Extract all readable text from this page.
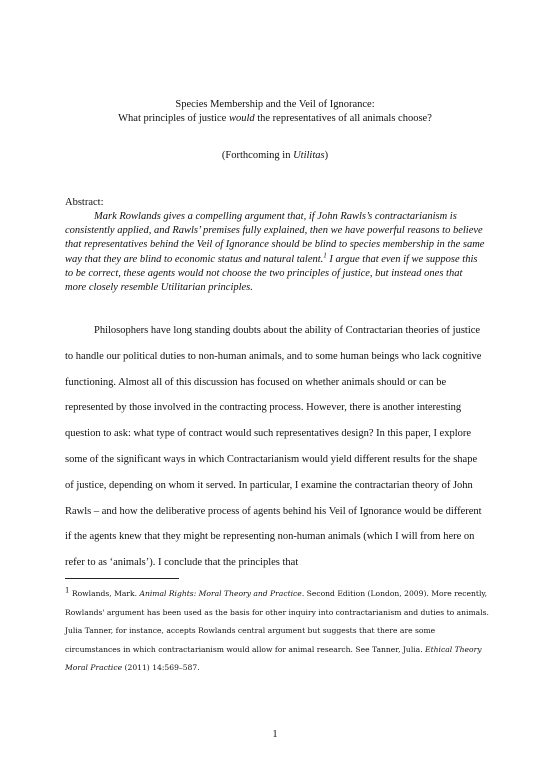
Species Membership and the Veil of Ignorance:
What principles of justice would the representatives of all animals choose?
(Forthcoming in Utilitas)
Abstract:

Mark Rowlands gives a compelling argument that, if John Rawls’s contractarianism is consistently applied, and Rawls’ premises fully explained, then we have powerful reasons to believe that representatives behind the Veil of Ignorance should be blind to species membership in the same way that they are blind to economic status and natural talent.$^1$ I argue that even if we suppose this to be correct, these agents would not choose the two principles of justice, but instead ones that more closely resemble Utilitarian principles.

Philosophers have long standing doubts about the ability of Contractarian theories of justice to handle our political duties to non-human animals, and to some human beings who lack cognitive functioning. Almost all of this discussion has focused on whether animals should or can be represented by those involved in the contracting process. However, there is another interesting question to ask: what type of contract would such representatives design? In this paper, I explore some of the significant ways in which Contractarianism would yield different results for the shape of justice, depending on whom it served. In particular, I examine the contractarian theory of John Rawls – and how the deliberative process of agents behind his Veil of Ignorance would be different if the agents knew that they might be representing non-human animals (which I will from here on refer to as ‘animals’). I conclude that the principles that

$^1$ Rowlands, Mark. Animal Rights: Moral Theory and Practice. Second Edition (London, 2009). More recently, Rowlands' argument has been used as the basis for other inquiry into contractarianism and duties to animals. Julia Tanner, for instance, accepts Rowlands central argument but suggests that there are some circumstances in which contractarianism would allow for animal research. See Tanner, Julia. Ethical Theory Moral Practice (2011) 14:569–587.

1
